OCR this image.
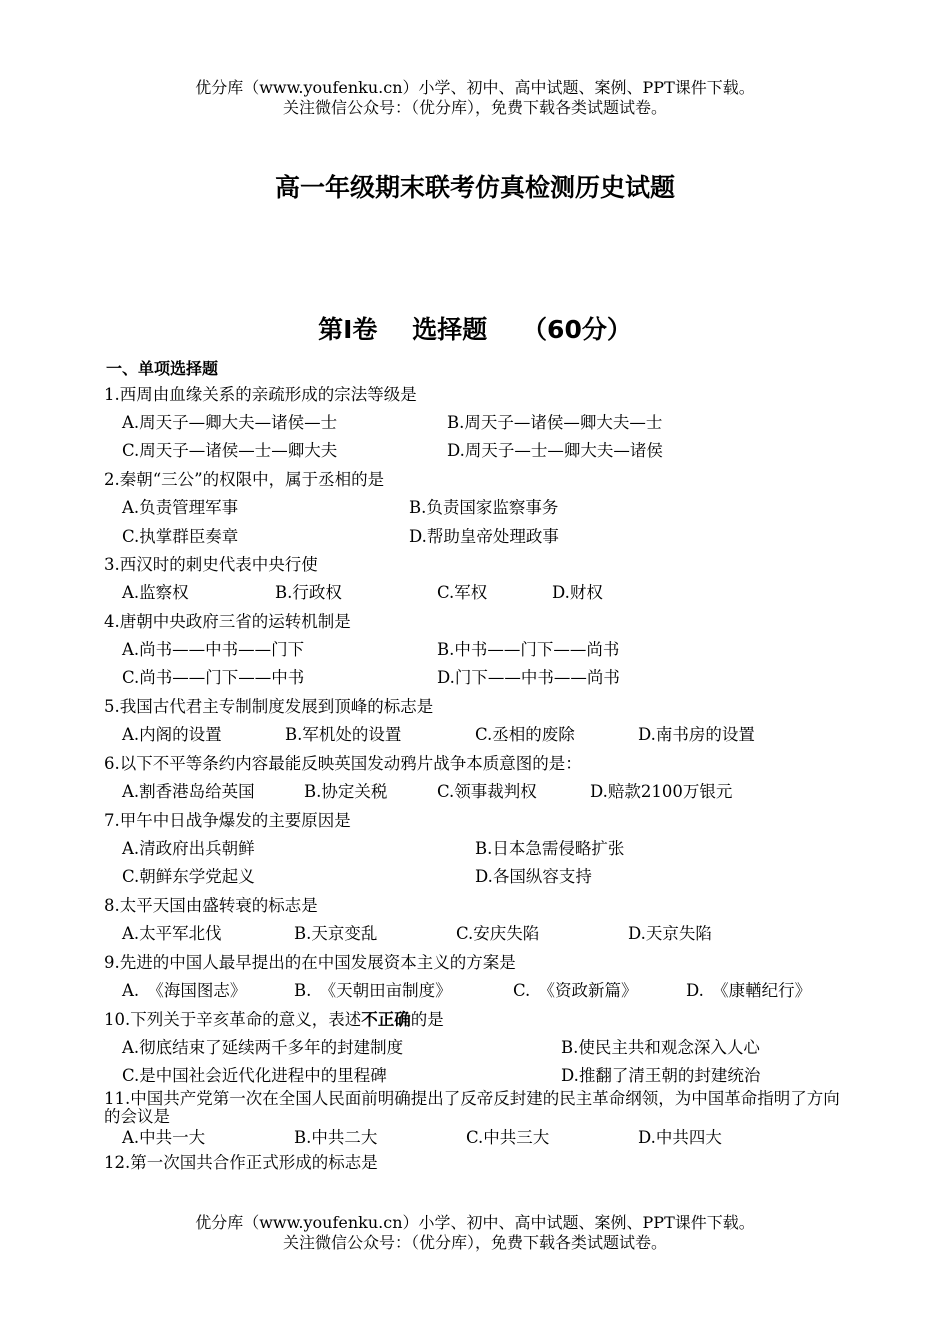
优分库（www.youfenku.cn）小学、初中、高中试题、案例、PPT课件下载。
关注微信公众号：（优分库），免费下载各类试题试卷。
高一年级期末联考仿真检测历史试题
第Ⅰ卷    选择题    （60分）
一、单项选择题
1.西周由血缘关系的亲疏形成的宗法等级是
A.周天子—卿大夫—诸侯—士	B.周天子—诸侯—卿大夫—士
C.周天子—诸侯—士—卿大夫	D.周天子—士—卿大夫—诸侯
2.秦朝“三公”的权限中，属于丞相的是
A.负责管理军事	B.负责国家监察事务
C.执掌群臣奏章	D.帮助皇帝处理政事
3.西汉时的刺史代表中央行使
A.监察权	B.行政权	C.军权	D.财权
4.唐朝中央政府三省的运转机制是
A.尚书——中书——门下	B.中书——门下——尚书
C.尚书——门下——中书	D.门下——中书——尚书
5.我国古代君主专制制度发展到顶峰的标志是
A.内阁的设置	B.军机处的设置	C.丞相的废除	D.南书房的设置
6.以下不平等条约内容最能反映英国发动鸦片战争本质意图的是：
A.割香港岛给英国	B.协定关税	C.领事裁判权	D.赔款2100万银元
7.甲午中日战争爆发的主要原因是
A.清政府出兵朝鲜	B.日本急需侵略扩张
C.朝鲜东学党起义	D.各国纵容支持
8.太平天国由盛转衰的标志是
A.太平军北伐	B.天京变乱	C.安庆失陷	D.天京失陷
9.先进的中国人最早提出的在中国发展资本主义的方案是
A.　《海国图志》	B.　《天朝田亩制度》	C.　《资政新篇》	D.　《康輶纪行》
10.下列关于辛亥革命的意义，表述不正确的是
A.彻底结束了延续两千多年的封建制度	B.使民主共和观念深入人心
C.是中国社会近代化进程中的里程碑	D.推翻了清王朝的封建统治
11.中国共产党第一次在全国人民面前明确提出了反帝反封建的民主革命纲领，为中国革命指明了方向的会议是
A.中共一大	B.中共二大	C.中共三大	D.中共四大
12.第一次国共合作正式形成的标志是
优分库（www.youfenku.cn）小学、初中、高中试题、案例、PPT课件下载。
关注微信公众号：（优分库），免费下载各类试题试卷。
